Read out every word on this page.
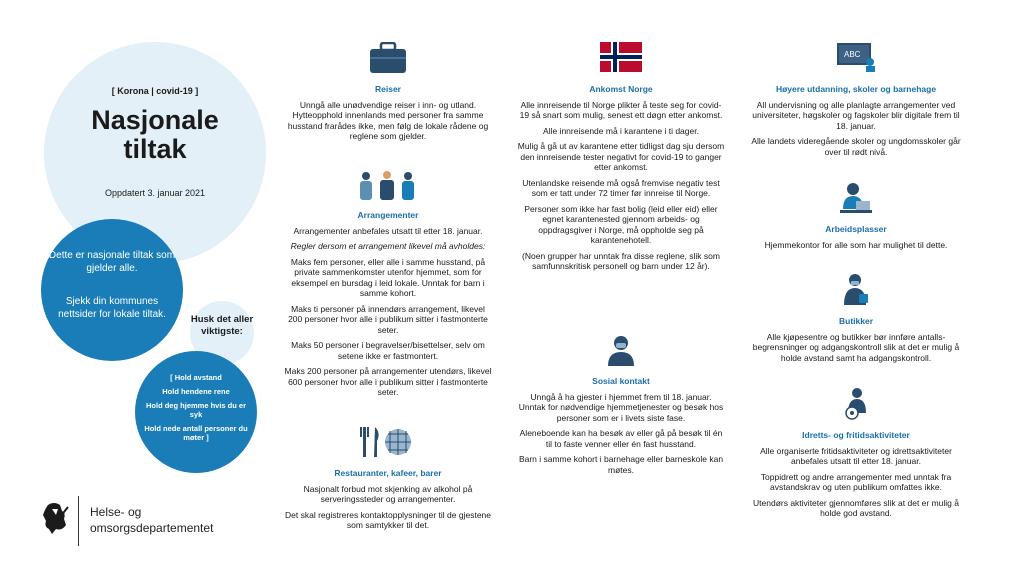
[ Korona | covid-19 ]
Nasjonale
tiltak
Oppdatert 3. januar 2021
Dette er nasjonale tiltak som gjelder alle.
Sjekk din kommunes nettsider for lokale tiltak.	Husk det aller viktigste:
[ Hold avstand
Hold hendene rene
Hold deg hjemme hvis du er syk
Hold nede antall personer du møter ]
ABC
Reiser

Unngå alle unødvendige reiser i inn- og utland. Hytteopphold innenlands med personer fra samme husstand frarådes ikke, men følg de lokale rådene og reglene som gjelder.

Arrangementer

Arrangementer anbefales utsatt til etter 18. januar.

Regler dersom et arrangement likevel må avholdes:

Maks fem personer, eller alle i samme husstand, på private sammenkomster utenfor hjemmet, som for eksempel en bursdag i leid lokale. Unntak for barn i samme kohort.

Maks ti personer på innendørs arrangement, likevel 200 personer hvor alle i publikum sitter i fastmonterte seter.

Maks 50 personer i begravelser/bisettelser, selv om setene ikke er fastmontert.

Maks 200 personer på arrangementer utendørs, likevel 600 personer hvor alle i publikum sitter i fastmonterte seter.

Restauranter, kafeer, barer

Nasjonalt forbud mot skjenking av alkohol på serveringssteder og arrangementer.

Det skal registreres kontaktopplysninger til de gjestene som samtykker til det.

Ankomst Norge

Alle innreisende til Norge plikter å teste seg for covid-19 så snart som mulig, senest ett døgn etter ankomst.

Alle innreisende må i karantene i ti dager.

Mulig å gå ut av karantene etter tidligst dag sju dersom den innreisende tester negativt for covid-19 to ganger etter ankomst.

Utenlandske reisende må også fremvise negativ test som er tatt under 72 timer før innreise til Norge.

Personer som ikke har fast bolig (leid eller eid) eller egnet karantenested gjennom arbeids- og oppdragsgiver i Norge, må oppholde seg på karantenehotell.

(Noen grupper har unntak fra disse reglene, slik som samfunnskritisk personell og barn under 12 år).

Sosial kontakt

Unngå å ha gjester i hjemmet frem til 18. januar. Unntak for nødvendige hjemmetjenester og besøk hos personer som er i livets siste fase.

Aleneboende kan ha besøk av eller gå på besøk til én til to faste venner eller én fast husstand.

Barn i samme kohort i barnehage eller barneskole kan møtes.

Høyere utdanning, skoler og barnehage

All undervisning og alle planlagte arrangementer ved universiteter, høgskoler og fagskoler blir digitale frem til 18. januar.

Alle landets videregående skoler og ungdomsskoler går over til rødt nivå.

Arbeidsplasser

Hjemmekontor for alle som har mulighet til dette.

Butikker

Alle kjøpesentre og butikker bør innføre antalls-begrensninger og adgangskontroll slik at det er mulig å holde avstand samt ha adgangskontroll.

Idretts- og fritidsaktiviteter

Alle organiserte fritidsaktiviteter og idrettsaktiviteter anbefales utsatt til etter 18. januar.

Toppidrett og andre arrangementer med unntak fra avstandskrav og uten publikum omfattes ikke.

Utendørs aktiviteter gjennomføres slik at det er mulig å holde god avstand.

Helse- og
omsorgsdepartementet
